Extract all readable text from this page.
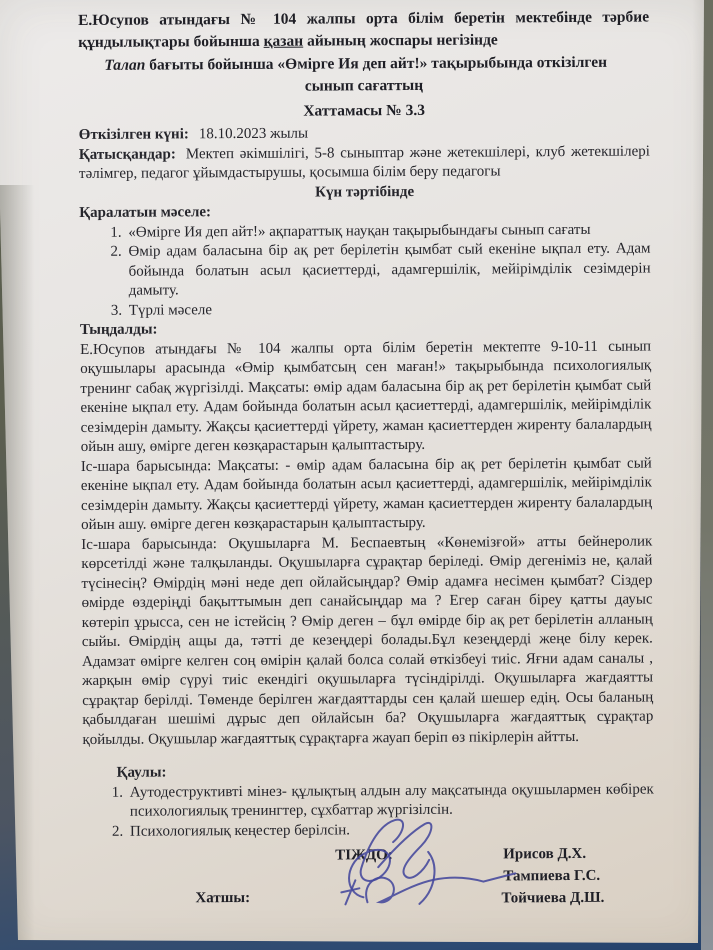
Е.Юсупов атындағы № 104 жалпы орта білім беретін мектебінде тәрбие құндылықтары бойынша қазан айының жоспары негізінде
Талап бағыты бойынша «Өмірге Ия деп айт!» тақырыбында откізілген
сынып сағаттың
Хаттамасы № 3.3

Өткізілген күні: 18.10.2023 жылы

Қатысқандар: Мектеп әкімшілігі, 5-8 сыныптар және жетекшілері, клуб жетекшілері тәлімгер, педагог ұйымдастырушы, қосымша білім беру педагогы

Күн тәртібінде

Қаралатын мәселе:
1. «Өмірге Ия деп айт!» ақпараттық науқан тақырыбындағы сынып сағаты
2. Өмір адам баласына бір ақ рет берілетін қымбат сый екеніне ықпал ету. Адам бойында болатын асыл қасиеттерді, адамгершілік, мейірімділік сезімдерін дамыту.
3. Түрлі мәселе
Тыңдалды:

Е.Юсупов атындағы № 104 жалпы орта білім беретін мектепте 9-10-11 сынып оқушылары арасында «Өмір қымбатсың сен маған!» тақырыбында психологиялық тренинг сабақ жүргізілді. Мақсаты: өмір адам баласына бір ақ рет берілетін қымбат сый екеніне ықпал ету. Адам бойында болатын асыл қасиеттерді, адамгершілік, мейірімділік сезімдерін дамыту. Жақсы қасиеттерді үйрету, жаман қасиеттерден жиренту балалардың ойын ашу, өмірге деген көзқарастарын қалыптастыру.

Іс-шара барысында: Мақсаты: - өмір адам баласына бір ақ рет берілетін қымбат сый екеніне ықпал ету. Адам бойында болатын асыл қасиеттерді, адамгершілік, мейірімділік сезімдерін дамыту. Жақсы қасиеттерді үйрету, жаман қасиеттерден жиренту балалардың ойын ашу. өмірге деген көзқарастарын қалыптастыру.

Іс-шара барысында: Оқушыларға М. Беспаевтың «Көнемізғой» атты бейнеролик көрсетілді және талқыланды. Оқушыларға сұрақтар беріледі. Өмір дегеніміз не, қалай түсінесің? Өмірдің мәні неде деп ойлайсыңдар? Өмір адамға несімен қымбат? Сіздер өмірде өздеріңді бақыттымын деп санайсыңдар ма ? Егер саған біреу қатты дауыс көтеріп ұрысса, сен не істейсің ? Өмір деген – бұл өмірде бір ақ рет берілетін алланың сыйы. Өмірдің ащы да, тәтті де кезеңдері болады.Бұл кезеңдерді жеңе білу керек. Адамзат өмірге келген соң өмірін қалай болса солай өткізбеуі тиіс. Яғни адам саналы , жарқын өмір сүруі тиіс екендігі оқушыларға түсіндірілді. Оқушыларға жағдаятты сұрақтар берілді. Төменде берілген жағдаяттарды сен қалай шешер едің. Осы баланың қабылдаған шешімі дұрыс деп ойлайсын ба? Оқушыларға жағдаяттық сұрақтар қойылды. Оқушылар жағдаяттық сұрақтарға жауап беріп өз пікірлерін айтты.

Қаулы:
1. Аутодеструктивті мінез- құлықтың алдын алу мақсатында оқушылармен көбірек психологиялық тренингтер, сұхбаттар жүргізілсін.
2. Психологиялық кеңестер берілсін.
ТІЖДО:	Ирисов Д.Х.
Тампиева Г.С.
Хатшы:	Тойчиева Д.Ш.
